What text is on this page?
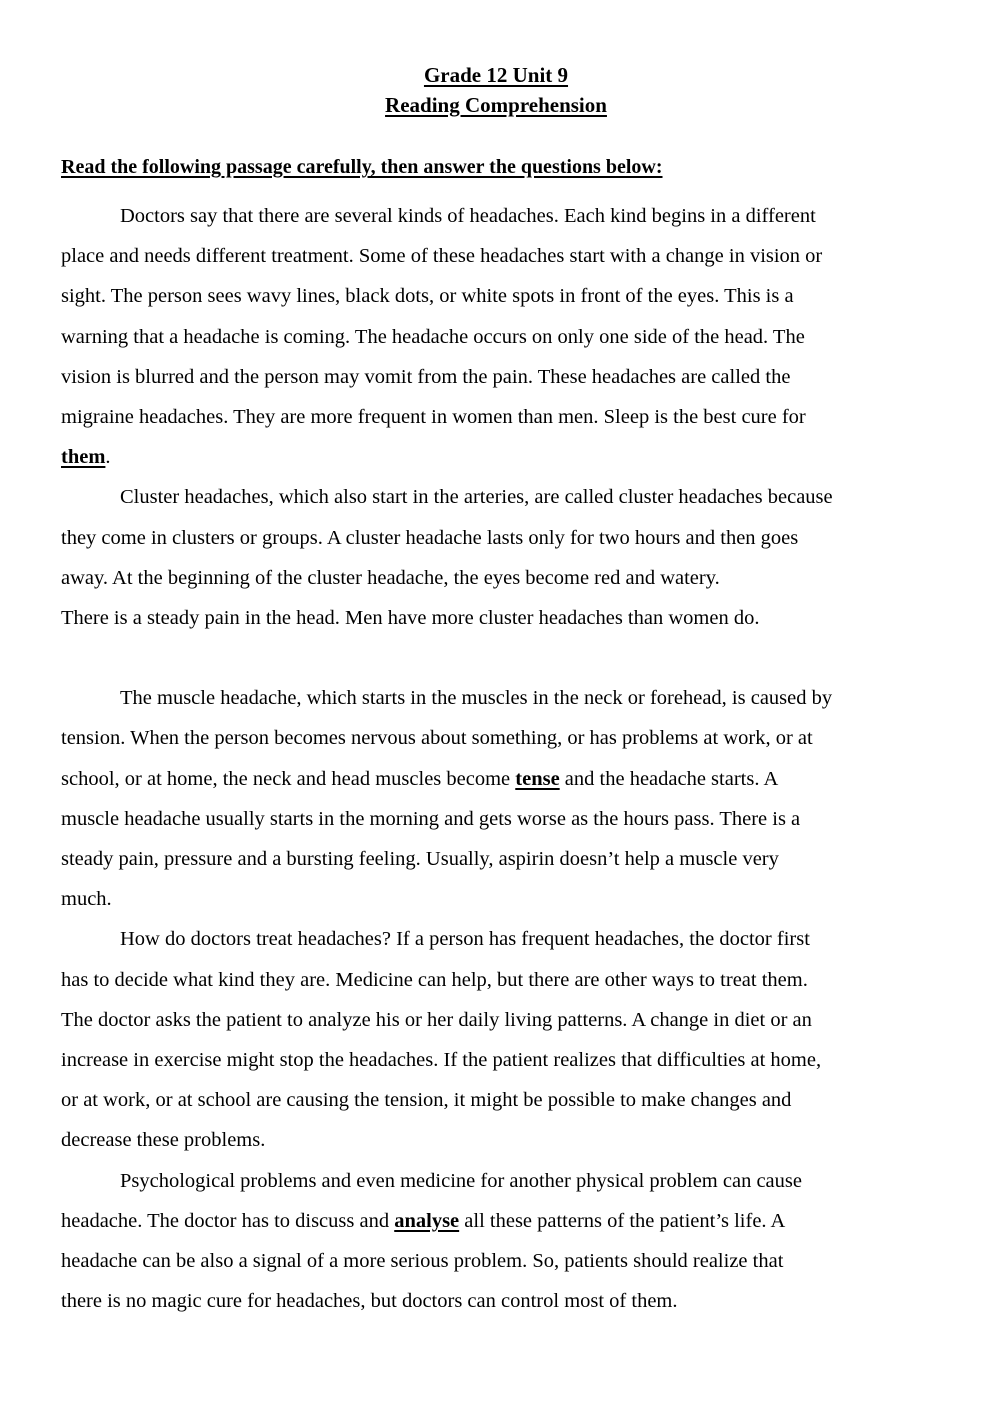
Grade 12 Unit 9
Reading Comprehension
Read the following passage carefully, then answer the questions below:
Doctors say that there are several kinds of headaches. Each kind begins in a different
place and needs different treatment. Some of these headaches start with a change in vision or
sight. The person sees wavy lines, black dots, or white spots in front of the eyes. This is a
warning that a headache is coming. The headache occurs on only one side of the head. The
vision is blurred and the person may vomit from the pain. These headaches are called the
migraine headaches. They are more frequent in women than men. Sleep is the best cure for
them.
Cluster headaches, which also start in the arteries, are called cluster headaches because
they come in clusters or groups. A cluster headache lasts only for two hours and then goes
away. At the beginning of the cluster headache, the eyes become red and watery.
There is a steady pain in the head. Men have more cluster headaches than women do.
The muscle headache, which starts in the muscles in the neck or forehead, is caused by
tension. When the person becomes nervous about something, or has problems at work, or at
school, or at home, the neck and head muscles become tense and the headache starts. A
muscle headache usually starts in the morning and gets worse as the hours pass. There is a
steady pain, pressure and a bursting feeling. Usually, aspirin doesn’t help a muscle very
much.
How do doctors treat headaches? If a person has frequent headaches, the doctor first
has to decide what kind they are. Medicine can help, but there are other ways to treat them.
The doctor asks the patient to analyze his or her daily living patterns. A change in diet or an
increase in exercise might stop the headaches. If the patient realizes that difficulties at home,
or at work, or at school are causing the tension, it might be possible to make changes and
decrease these problems.
Psychological problems and even medicine for another physical problem can cause
headache. The doctor has to discuss and analyse all these patterns of the patient’s life. A
headache can be also a signal of a more serious problem. So, patients should realize that
there is no magic cure for headaches, but doctors can control most of them.
